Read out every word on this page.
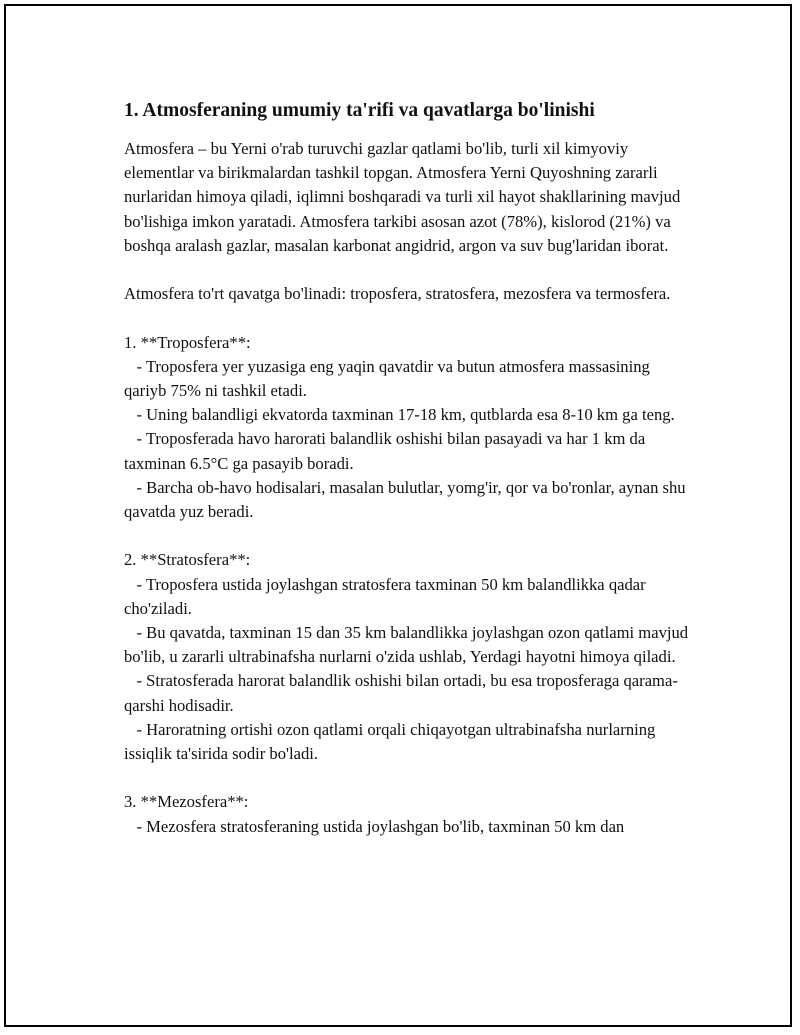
1. Atmosferaning umumiy ta'rifi va qavatlarga bo'linishi

Atmosfera – bu Yerni o'rab turuvchi gazlar qatlami bo'lib, turli xil kimyoviy elementlar va birikmalardan tashkil topgan. Atmosfera Yerni Quyoshning zararli nurlaridan himoya qiladi, iqlimni boshqaradi va turli xil hayot shakllarining mavjud bo'lishiga imkon yaratadi. Atmosfera tarkibi asosan azot (78%), kislorod (21%) va boshqa aralash gazlar, masalan karbonat angidrid, argon va suv bug'laridan iborat.

Atmosfera to'rt qavatga bo'linadi: troposfera, stratosfera, mezosfera va termosfera.

1. **Troposfera**:

- Troposfera yer yuzasiga eng yaqin qavatdir va butun atmosfera massasining qariyb 75% ni tashkil etadi.

- Uning balandligi ekvatorda taxminan 17-18 km, qutblarda esa 8-10 km ga teng.

- Troposferada havo harorati balandlik oshishi bilan pasayadi va har 1 km da taxminan 6.5°C ga pasayib boradi.

- Barcha ob-havo hodisalari, masalan bulutlar, yomg'ir, qor va bo'ronlar, aynan shu qavatda yuz beradi.

2. **Stratosfera**:

- Troposfera ustida joylashgan stratosfera taxminan 50 km balandlikka qadar cho'ziladi.

- Bu qavatda, taxminan 15 dan 35 km balandlikka joylashgan ozon qatlami mavjud bo'lib, u zararli ultrabinafsha nurlarni o'zida ushlab, Yerdagi hayotni himoya qiladi.

- Stratosferada harorat balandlik oshishi bilan ortadi, bu esa troposferaga qarama-qarshi hodisadir.

- Haroratning ortishi ozon qatlami orqali chiqayotgan ultrabinafsha nurlarning issiqlik ta'sirida sodir bo'ladi.

3. **Mezosfera**:

- Mezosfera stratosferaning ustida joylashgan bo'lib, taxminan 50 km dan
